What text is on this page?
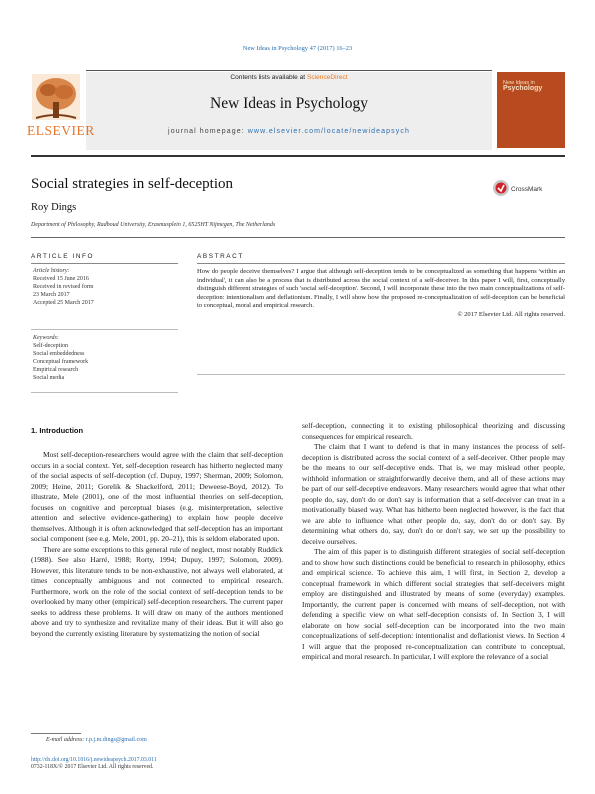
New Ideas in Psychology 47 (2017) 16–23
Contents lists available at ScienceDirect
New Ideas in Psychology
journal homepage: www.elsevier.com/locate/newideapsych
ELSEVIER
New Ideas in
Psychology
Social strategies in self-deception	CrossMark
Roy Dings
Department of Philosophy, Radboud University, Erasmusplein 1, 6525HT Nijmegen, The Netherlands
ARTICLE INFO	ABSTRACT
Article history:
Received 15 June 2016
Received in revised form
23 March 2017
Accepted 25 March 2017
Keywords:
Self-deception
Social embeddedness
Conceptual framework
Empirical research
Social media
How do people deceive themselves? I argue that although self-deception tends to be conceptualized as something that happens 'within an individual', it can also be a process that is distributed across the social context of a self-deceiver. In this paper I will, first, conceptually distinguish different strategies of such 'social self-deception'. Second, I will incorporate these into the two main conceptualizations of self-deception: intentionalism and deflationism. Finally, I will show how the proposed re-conceptualization of self-deception can be beneficial to conceptual, moral and empirical research.
© 2017 Elsevier Ltd. All rights reserved.
1. Introduction

Most self-deception-researchers would agree with the claim that self-deception occurs in a social context. Yet, self-deception research has hitherto neglected many of the social aspects of self-deception (cf. Dupuy, 1997; Sherman, 2009; Solomon, 2009; Heine, 2011; Gorelik & Shackelford, 2011; Deweese-Boyd, 2012). To illustrate, Mele (2001), one of the most influential theories on self-deception, focuses on cognitive and perceptual biases (e.g. misinterpretation, selective attention and selective evidence-gathering) to explain how people deceive themselves. Although it is often acknowledged that self-deception has an important social component (see e.g. Mele, 2001, pp. 20–21), this is seldom elaborated upon.

There are some exceptions to this general rule of neglect, most notably Ruddick (1988). See also Harré, 1988; Rorty, 1994; Dupuy, 1997; Solomon, 2009). However, this literature tends to be non-exhaustive, not always well elaborated, at times conceptually ambiguous and not connected to empirical research. Furthermore, work on the role of the social context of self-deception tends to be overlooked by many other (empirical) self-deception researchers. The current paper seeks to address these problems. It will draw on many of the authors mentioned above and try to synthesize and revitalize many of their ideas. But it will also go beyond the currently existing literature by systematizing the notion of social

self-deception, connecting it to existing philosophical theorizing and discussing consequences for empirical research.

The claim that I want to defend is that in many instances the process of self-deception is distributed across the social context of a self-deceiver. Other people may be the means to our self-deceptive ends. That is, we may mislead other people, withhold information or straightforwardly deceive them, and all of these actions may be part of our self-deceptive endeavors. Many researchers would agree that what other people do, say, don't do or don't say is information that a self-deceiver can treat in a motivationally biased way. What has hitherto been neglected however, is the fact that we are able to influence what other people do, say, don't do or don't say. By determining what others do, say, don't do or don't say, we set up the possibility to deceive ourselves.

The aim of this paper is to distinguish different strategies of social self-deception and to show how such distinctions could be beneficial to research in philosophy, ethics and empirical science. To achieve this aim, I will first, in Section 2, develop a conceptual framework in which different social strategies that self-deceivers might employ are distinguished and illustrated by means of some (everyday) examples. Importantly, the current paper is concerned with means of self-deception, not with defending a specific view on what self-deception consists of. In Section 3, I will elaborate on how social self-deception can be incorporated into the two main conceptualizations of self-deception: intentionalist and deflationist views. In Section 4 I will argue that the proposed re-conceptualization can contribute to conceptual, empirical and moral research. In particular, I will explore the relevance of a social

E-mail address: r.p.j.m.dings@gmail.com
http://dx.doi.org/10.1016/j.newideapsych.2017.03.011
0732-118X/© 2017 Elsevier Ltd. All rights reserved.
